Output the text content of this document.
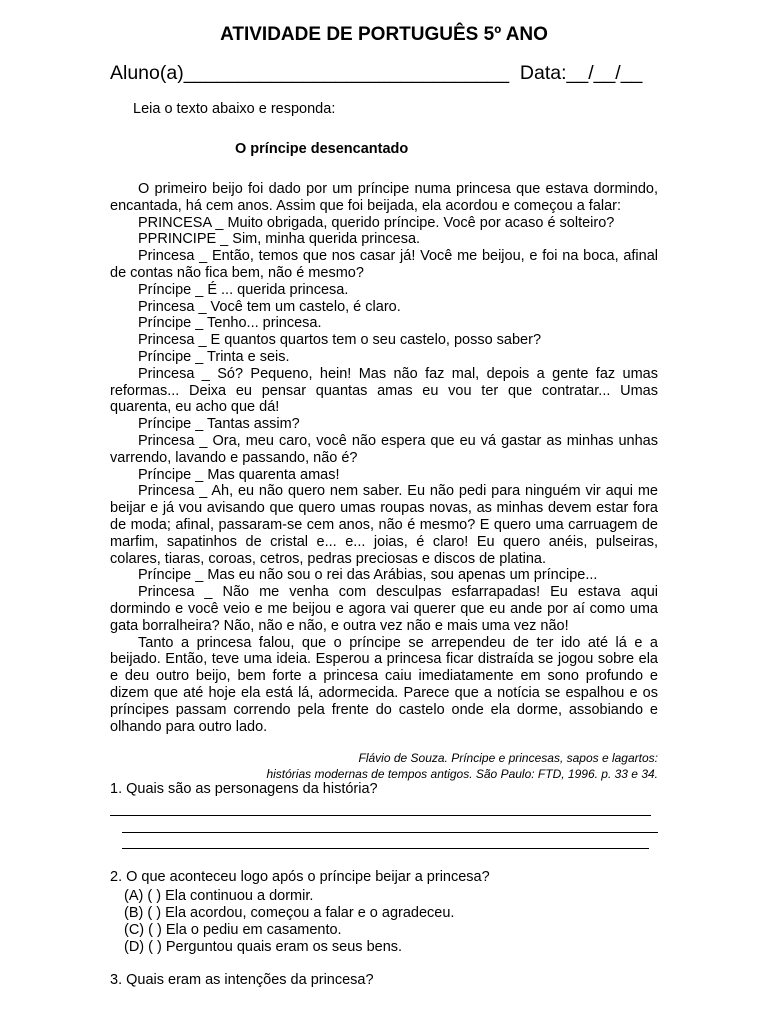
ATIVIDADE DE PORTUGUÊS 5º ANO
Aluno(a)______________________________  Data:__/__/__
Leia o texto abaixo e responda:
O príncipe desencantado

O primeiro beijo foi dado por um príncipe numa princesa que estava dormindo, encantada, há cem anos. Assim que foi beijada, ela acordou e começou a falar:

PRINCESA _ Muito obrigada, querido príncipe. Você por acaso é solteiro?

PPRINCIPE _ Sim, minha querida princesa.

Princesa _ Então, temos que nos casar já! Você me beijou, e foi na boca, afinal de contas não fica bem, não é mesmo?

Príncipe _ É ... querida princesa.

Princesa _ Você tem um castelo, é claro.

Príncipe _ Tenho... princesa.

Princesa _ E quantos quartos tem o seu castelo, posso saber?

Príncipe _ Trinta e seis.

Princesa _ Só? Pequeno, hein! Mas não faz mal, depois a gente faz umas reformas... Deixa eu pensar quantas amas eu vou ter que contratar... Umas quarenta, eu acho que dá!

Príncipe _ Tantas assim?

Princesa _ Ora, meu caro, você não espera que eu vá gastar as minhas unhas varrendo, lavando e passando, não é?

Príncipe _ Mas quarenta amas!

Princesa _ Ah, eu não quero nem saber. Eu não pedi para ninguém vir aqui me beijar e já vou avisando que quero umas roupas novas, as minhas devem estar fora de moda; afinal, passaram-se cem anos, não é mesmo? E quero uma carruagem de marfim, sapatinhos de cristal e... e... joias, é claro! Eu quero anéis, pulseiras, colares, tiaras, coroas, cetros, pedras preciosas e discos de platina.

Príncipe _ Mas eu não sou o rei das Arábias, sou apenas um príncipe...

Princesa _ Não me venha com desculpas esfarrapadas! Eu estava aqui dormindo e você veio e me beijou e agora vai querer que eu ande por aí como uma gata borralheira? Não, não e não, e outra vez não e mais uma vez não!

Tanto a princesa falou, que o príncipe se arrependeu de ter ido até lá e a beijado. Então, teve uma ideia. Esperou a princesa ficar distraída se jogou sobre ela e deu outro beijo, bem forte a princesa caiu imediatamente em sono profundo e dizem que até hoje ela está lá, adormecida. Parece que a notícia se espalhou e os príncipes passam correndo pela frente do castelo onde ela dorme, assobiando e olhando para outro lado.

Flávio de Souza. Príncipe e princesas, sapos e lagartos:
histórias modernas de tempos antigos. São Paulo: FTD, 1996. p. 33 e 34.
1. Quais são as personagens da história?
2. O que aconteceu logo após o príncipe beijar a princesa?
(A) ( ) Ela continuou a dormir.
(B) ( ) Ela acordou, começou a falar e o agradeceu.
(C) ( ) Ela o pediu em casamento.
(D) ( ) Perguntou quais eram os seus bens.
3. Quais eram as intenções da princesa?
